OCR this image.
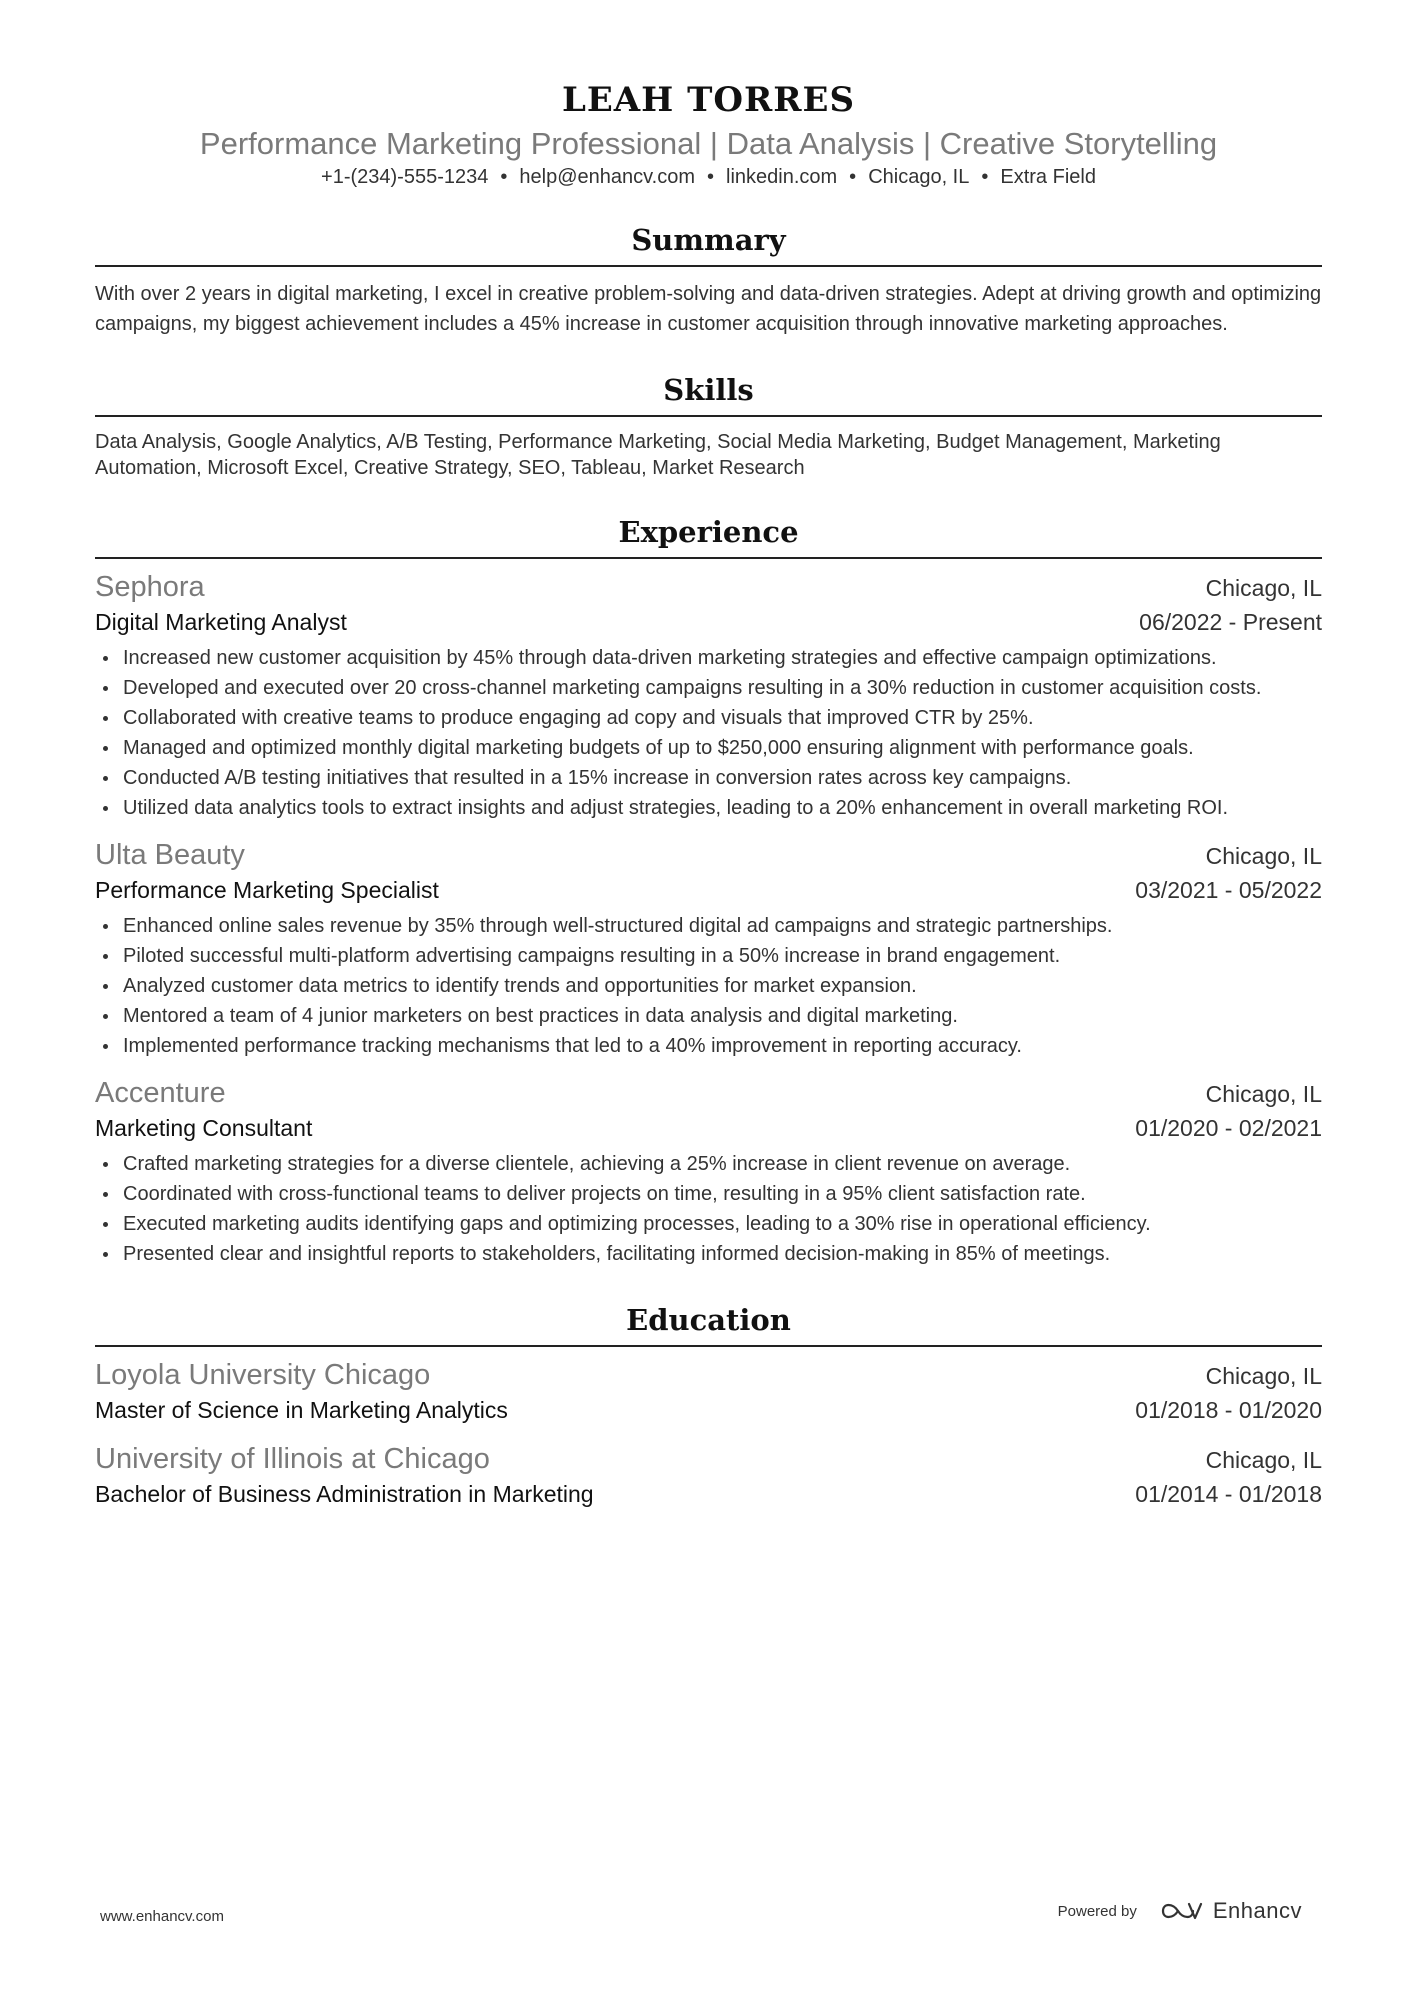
LEAH TORRES
Performance Marketing Professional | Data Analysis | Creative Storytelling
+1-(234)-555-1234 • help@enhancv.com • linkedin.com • Chicago, IL • Extra Field
Summary
With over 2 years in digital marketing, I excel in creative problem-solving and data-driven strategies. Adept at driving growth and optimizing campaigns, my biggest achievement includes a 45% increase in customer acquisition through innovative marketing approaches.
Skills
Data Analysis, Google Analytics, A/B Testing, Performance Marketing, Social Media Marketing, Budget Management, Marketing Automation, Microsoft Excel, Creative Strategy, SEO, Tableau, Market Research
Experience
Sephora	Chicago, IL
Digital Marketing Analyst	06/2022 - Present
Increased new customer acquisition by 45% through data-driven marketing strategies and effective campaign optimizations.
Developed and executed over 20 cross-channel marketing campaigns resulting in a 30% reduction in customer acquisition costs.
Collaborated with creative teams to produce engaging ad copy and visuals that improved CTR by 25%.
Managed and optimized monthly digital marketing budgets of up to $250,000 ensuring alignment with performance goals.
Conducted A/B testing initiatives that resulted in a 15% increase in conversion rates across key campaigns.
Utilized data analytics tools to extract insights and adjust strategies, leading to a 20% enhancement in overall marketing ROI.
Ulta Beauty	Chicago, IL
Performance Marketing Specialist	03/2021 - 05/2022
Enhanced online sales revenue by 35% through well-structured digital ad campaigns and strategic partnerships.
Piloted successful multi-platform advertising campaigns resulting in a 50% increase in brand engagement.
Analyzed customer data metrics to identify trends and opportunities for market expansion.
Mentored a team of 4 junior marketers on best practices in data analysis and digital marketing.
Implemented performance tracking mechanisms that led to a 40% improvement in reporting accuracy.
Accenture	Chicago, IL
Marketing Consultant	01/2020 - 02/2021
Crafted marketing strategies for a diverse clientele, achieving a 25% increase in client revenue on average.
Coordinated with cross-functional teams to deliver projects on time, resulting in a 95% client satisfaction rate.
Executed marketing audits identifying gaps and optimizing processes, leading to a 30% rise in operational efficiency.
Presented clear and insightful reports to stakeholders, facilitating informed decision-making in 85% of meetings.
Education
Loyola University Chicago	Chicago, IL
Master of Science in Marketing Analytics	01/2018 - 01/2020
University of Illinois at Chicago	Chicago, IL
Bachelor of Business Administration in Marketing	01/2014 - 01/2018
www.enhancv.com	Powered by	Enhancv
